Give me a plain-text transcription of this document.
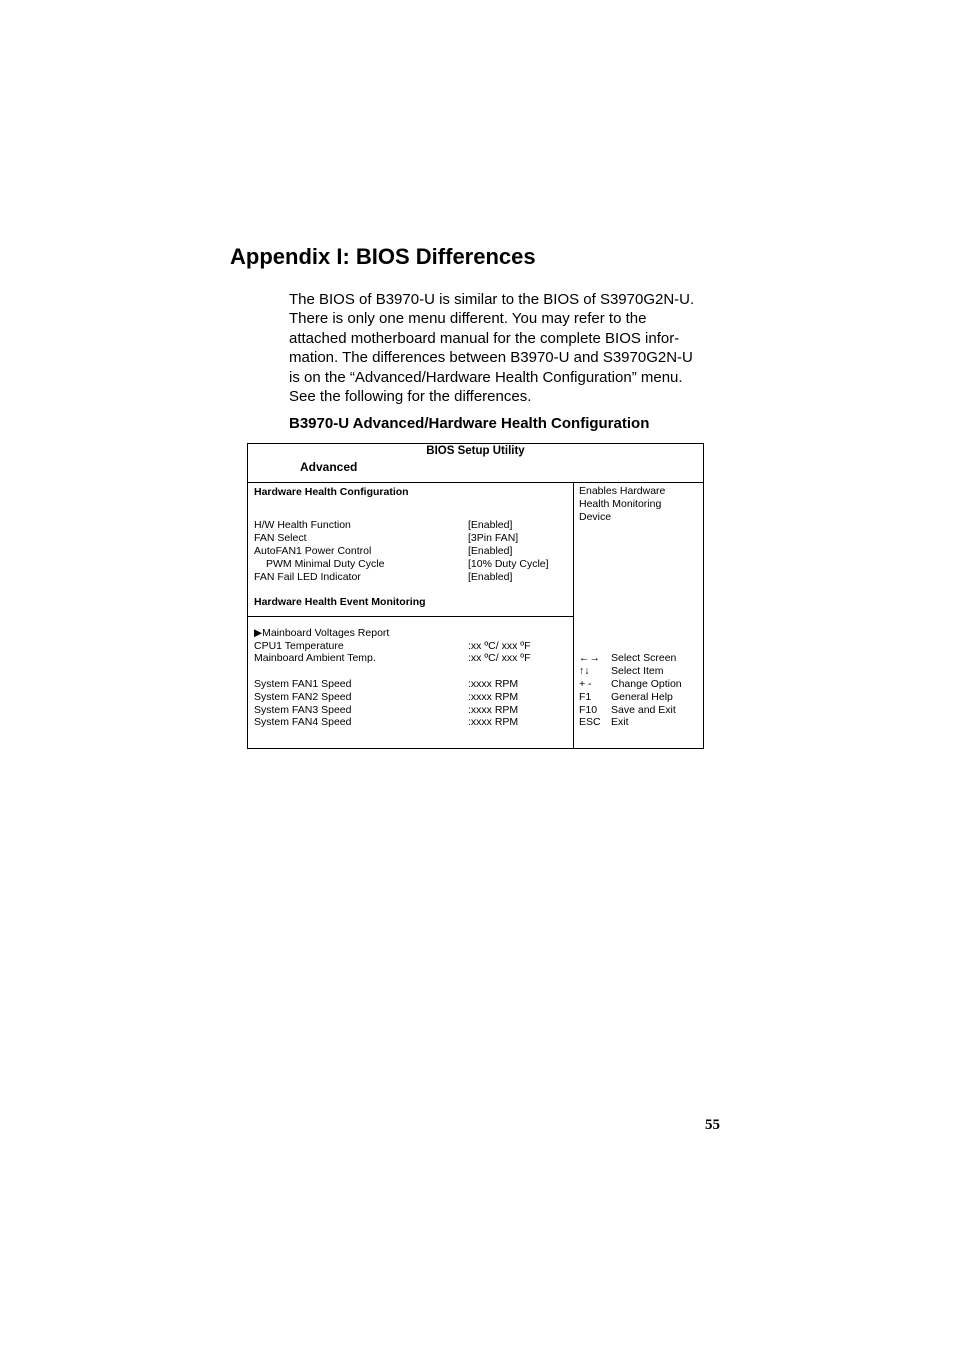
Appendix I: BIOS Differences
The BIOS of B3970-U is similar to the BIOS of S3970G2N-U.
There is only one menu different. You may refer to the
attached motherboard manual for the complete BIOS infor-
mation. The differences between B3970-U and S3970G2N-U
is on the “Advanced/Hardware Health Configuration” menu.
See the following for the differences.
B3970-U Advanced/Hardware Health Configuration
BIOS Setup Utility
Advanced
Hardware Health Configuration
H/W Health Function	[Enabled]
FAN Select	[3Pin FAN]
AutoFAN1 Power Control	[Enabled]
PWM Minimal Duty Cycle	[10% Duty Cycle]
FAN Fail LED Indicator	[Enabled]
Hardware Health Event Monitoring
▶Mainboard Voltages Report
CPU1 Temperature	:xx ºC/ xxx ºF
Mainboard Ambient Temp.	:xx ºC/ xxx ºF
System FAN1 Speed	:xxxx RPM
System FAN2 Speed	:xxxx RPM
System FAN3 Speed	:xxxx RPM
System FAN4 Speed	:xxxx RPM
Enables Hardware
Health Monitoring
Device
←→ Select Screen
↑↓ Select Item
+ - Change Option
F1 General Help
F10 Save and Exit
ESC Exit
55
